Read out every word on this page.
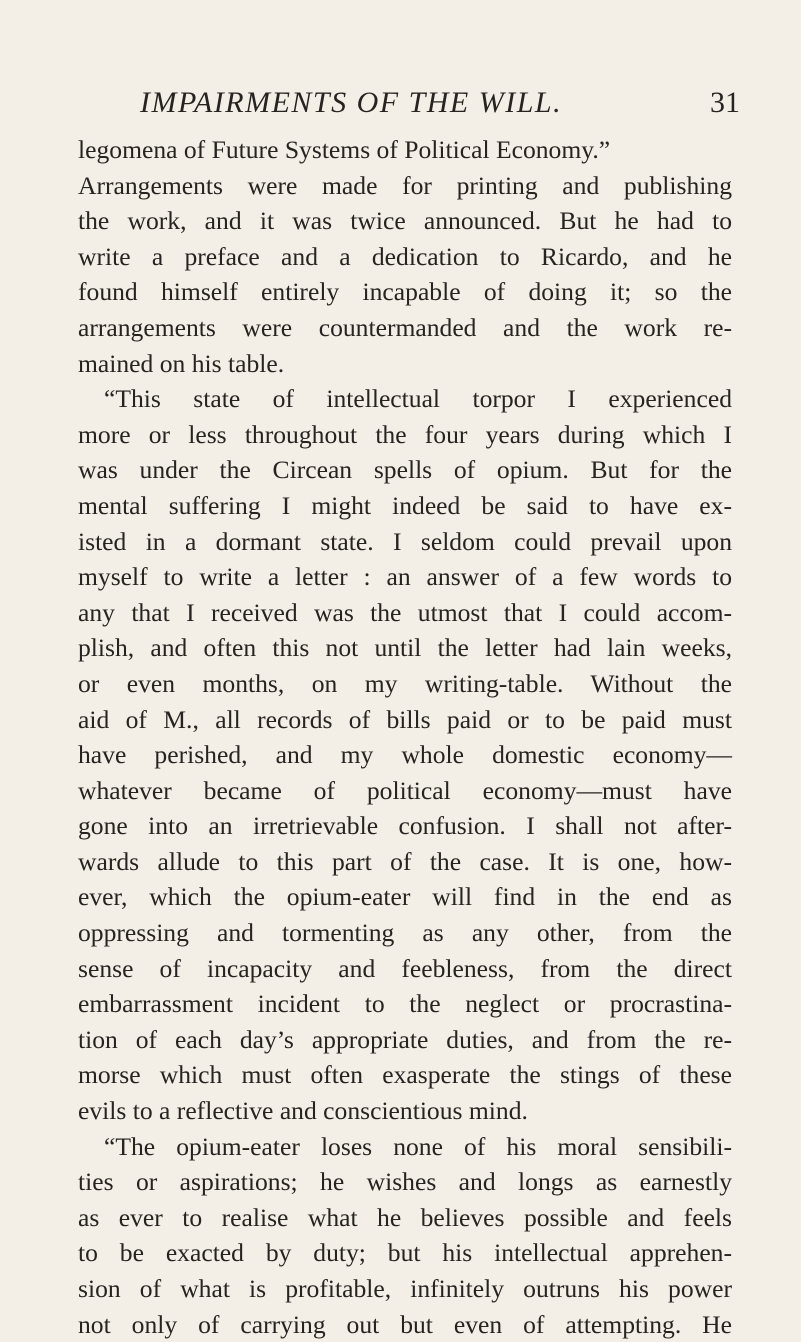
IMPAIRMENTS OF THE WILL.	31
legomena of Future Systems of Political Economy.”
Arrangements were made for printing and publishing
the work, and it was twice announced. But he had to
write a preface and a dedication to Ricardo, and he
found himself entirely incapable of doing it; so the
arrangements were countermanded and the work re-
mained on his table.
“This state of intellectual torpor I experienced
more or less throughout the four years during which I
was under the Circean spells of opium. But for the
mental suffering I might indeed be said to have ex-
isted in a dormant state. I seldom could prevail upon
myself to write a letter : an answer of a few words to
any that I received was the utmost that I could accom-
plish, and often this not until the letter had lain weeks,
or even months, on my writing-table. Without the
aid of M., all records of bills paid or to be paid must
have perished, and my whole domestic economy—
whatever became of political economy—must have
gone into an irretrievable confusion. I shall not after-
wards allude to this part of the case. It is one, how-
ever, which the opium-eater will find in the end as
oppressing and tormenting as any other, from the
sense of incapacity and feebleness, from the direct
embarrassment incident to the neglect or procrastina-
tion of each day’s appropriate duties, and from the re-
morse which must often exasperate the stings of these
evils to a reflective and conscientious mind.
“The opium-eater loses none of his moral sensibili-
ties or aspirations; he wishes and longs as earnestly
as ever to realise what he believes possible and feels
to be exacted by duty; but his intellectual apprehen-
sion of what is profitable, infinitely outruns his power
not only of carrying out but even of attempting. He
